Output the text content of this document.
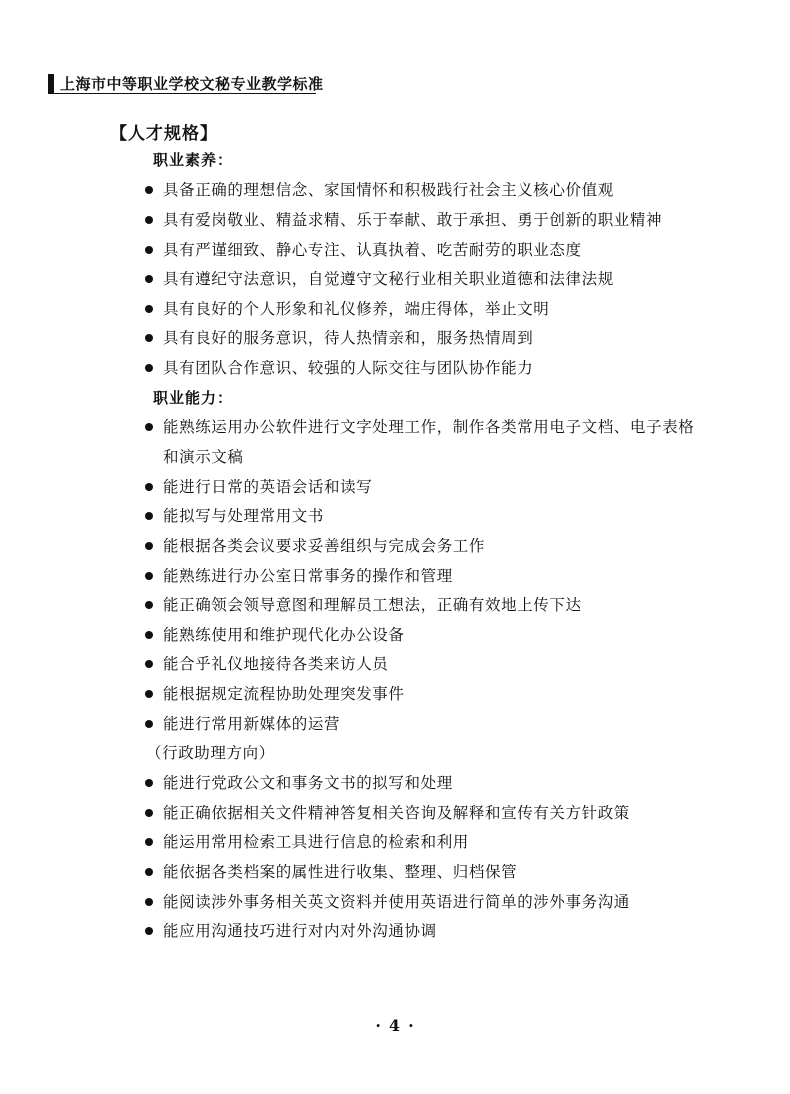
上海市中等职业学校文秘专业教学标准
【人才规格】
职业素养：
具备正确的理想信念、家国情怀和积极践行社会主义核心价值观
具有爱岗敬业、精益求精、乐于奉献、敢于承担、勇于创新的职业精神
具有严谨细致、静心专注、认真执着、吃苦耐劳的职业态度
具有遵纪守法意识，自觉遵守文秘行业相关职业道德和法律法规
具有良好的个人形象和礼仪修养，端庄得体，举止文明
具有良好的服务意识，待人热情亲和，服务热情周到
具有团队合作意识、较强的人际交往与团队协作能力
职业能力：
能熟练运用办公软件进行文字处理工作，制作各类常用电子文档、电子表格
和演示文稿
能进行日常的英语会话和读写
能拟写与处理常用文书
能根据各类会议要求妥善组织与完成会务工作
能熟练进行办公室日常事务的操作和管理
能正确领会领导意图和理解员工想法，正确有效地上传下达
能熟练使用和维护现代化办公设备
能合乎礼仪地接待各类来访人员
能根据规定流程协助处理突发事件
能进行常用新媒体的运营
（行政助理方向）
能进行党政公文和事务文书的拟写和处理
能正确依据相关文件精神答复相关咨询及解释和宣传有关方针政策
能运用常用检索工具进行信息的检索和利用
能依据各类档案的属性进行收集、整理、归档保管
能阅读涉外事务相关英文资料并使用英语进行简单的涉外事务沟通
能应用沟通技巧进行对内对外沟通协调
· 4 ·
